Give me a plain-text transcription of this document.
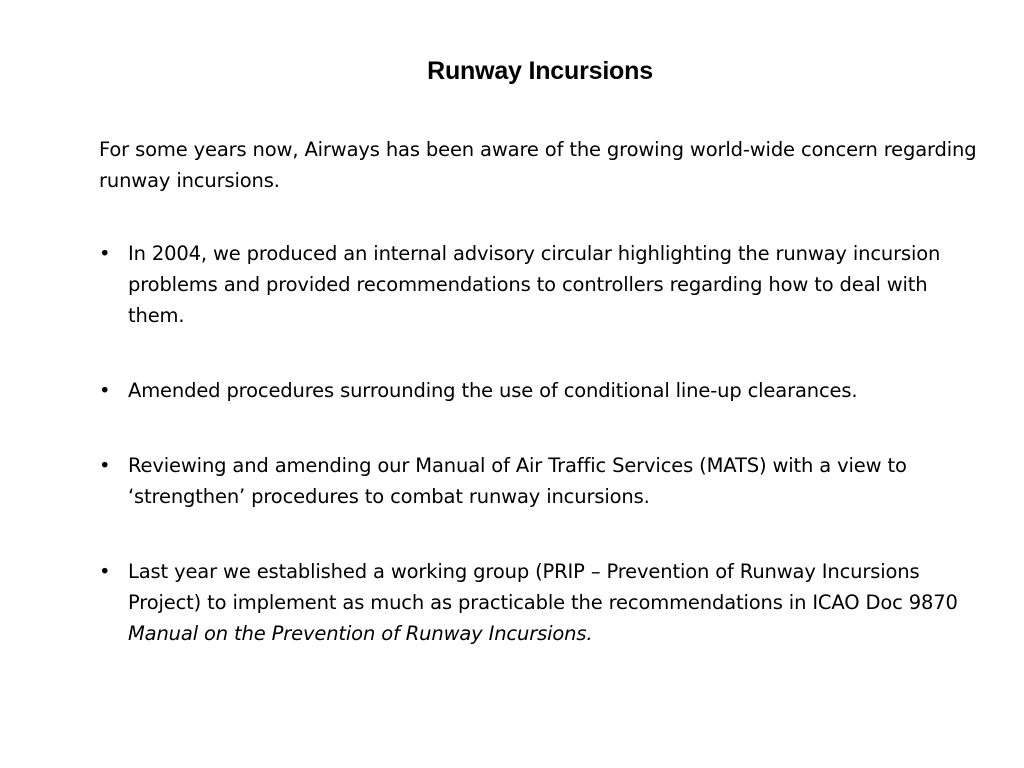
Runway Incursions

For some years now, Airways has been aware of the growing world-wide concern regarding runway incursions.

• In 2004, we produced an internal advisory circular highlighting the runway incursion problems and provided recommendations to controllers regarding how to deal with them.
• Amended procedures surrounding the use of conditional line-up clearances.
• Reviewing and amending our Manual of Air Traffic Services (MATS) with a view to ‘strengthen’ procedures to combat runway incursions.
• Last year we established a working group (PRIP – Prevention of Runway Incursions Project) to implement as much as practicable the recommendations in ICAO Doc 9870 Manual on the Prevention of Runway Incursions.
